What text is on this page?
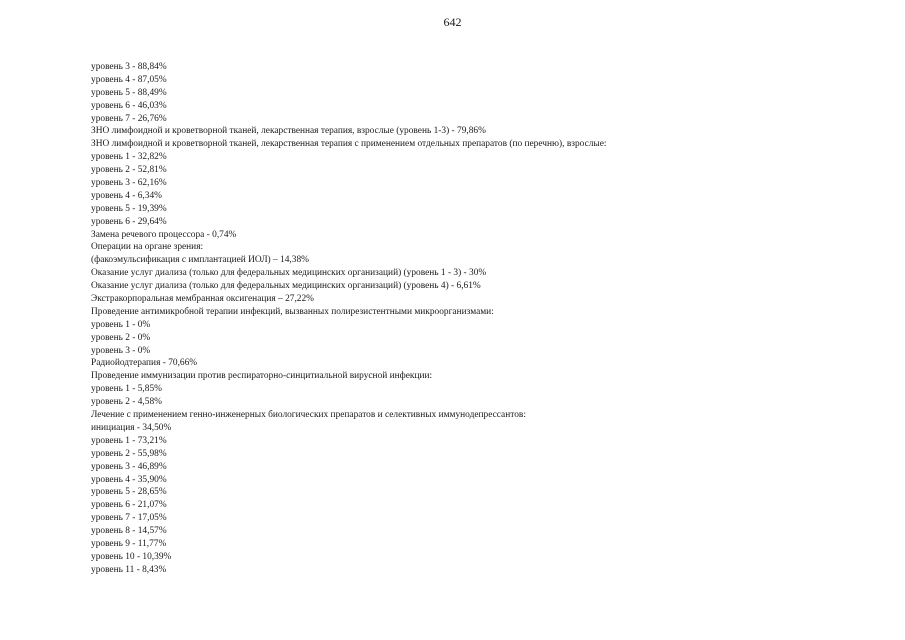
642
уровень 3 - 88,84%
уровень 4 - 87,05%
уровень 5 - 88,49%
уровень 6 - 46,03%
уровень 7 - 26,76%
ЗНО лимфоидной и кроветворной тканей, лекарственная терапия, взрослые (уровень 1-3) - 79,86%
ЗНО лимфоидной и кроветворной тканей, лекарственная терапия с применением отдельных препаратов (по перечню), взрослые:
уровень 1 - 32,82%
уровень 2 - 52,81%
уровень 3 - 62,16%
уровень 4 - 6,34%
уровень 5 - 19,39%
уровень 6 - 29,64%
Замена речевого процессора - 0,74%
Операции на органе зрения:
(факоэмульсификация с имплантацией ИОЛ) – 14,38%
Оказание услуг диализа (только для федеральных медицинских организаций) (уровень 1 - 3) - 30%
Оказание услуг диализа (только для федеральных медицинских организаций) (уровень 4) - 6,61%
Экстракорпоральная мембранная оксигенация – 27,22%
Проведение антимикробной терапии инфекций, вызванных полирезистентными микроорганизмами:
уровень 1 - 0%
уровень 2 - 0%
уровень 3 - 0%
Радиойодтерапия - 70,66%
Проведение иммунизации против респираторно-синцитиальной вирусной инфекции:
уровень 1 - 5,85%
уровень 2 - 4,58%
Лечение с применением генно-инженерных биологических препаратов и селективных иммунодепрессантов:
инициация - 34,50%
уровень 1 - 73,21%
уровень 2 - 55,98%
уровень 3 - 46,89%
уровень 4 - 35,90%
уровень 5 - 28,65%
уровень 6 - 21,07%
уровень 7 - 17,05%
уровень 8 - 14,57%
уровень 9 - 11,77%
уровень 10 - 10,39%
уровень 11 - 8,43%
